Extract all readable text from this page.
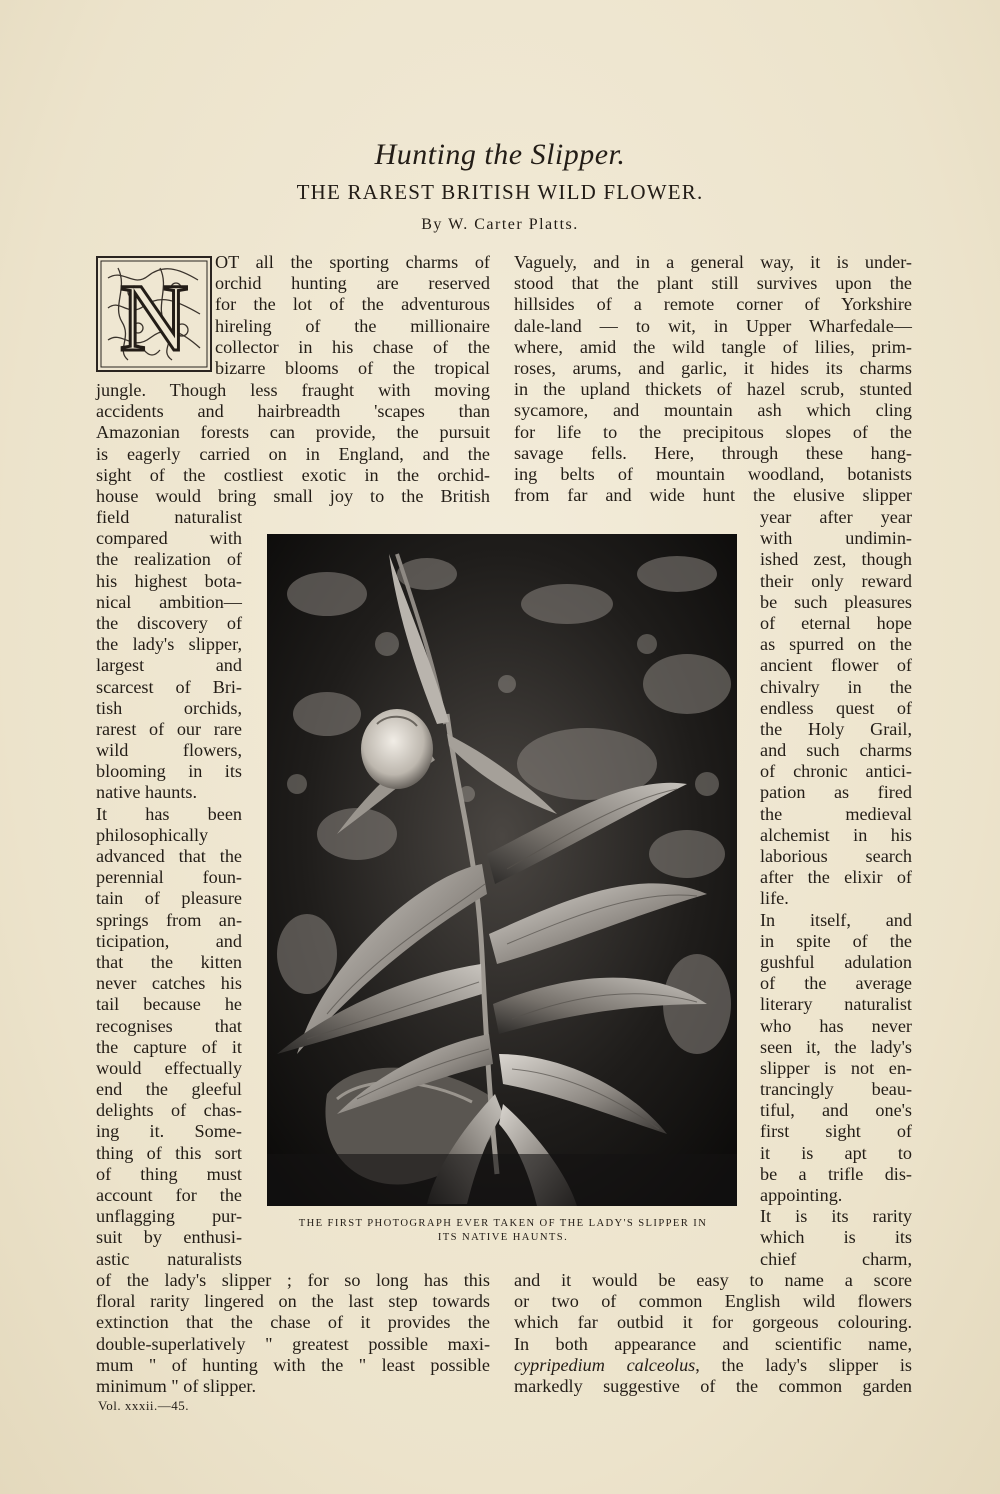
Hunting the Slipper.
THE RAREST BRITISH WILD FLOWER.
By W. Carter Platts.
N
OT all the sporting charms of
orchid hunting are reserved
for the lot of the adventurous
hireling of the millionaire
collector in his chase of the
bizarre blooms of the tropical
jungle. Though less fraught with moving
accidents and hairbreadth 'scapes than
Amazonian forests can provide, the pursuit
is eagerly carried on in England, and the
sight of the costliest exotic in the orchid-
house would bring small joy to the British
field naturalist
compared with
the realization of
his highest bota-
nical ambition—
the discovery of
the lady's slipper,
largest and
scarcest of Bri-
tish orchids,
rarest of our rare
wild flowers,
blooming in its
native haunts.
It has been
philosophically
advanced that the
perennial foun-
tain of pleasure
springs from an-
ticipation, and
that the kitten
never catches his
tail because he
recognises that
the capture of it
would effectually
end the gleeful
delights of chas-
ing it. Some-
thing of this sort
of thing must
account for the
unflagging pur-
suit by enthusi-
astic naturalists
of the lady's slipper ; for so long has this
floral rarity lingered on the last step towards
extinction that the chase of it provides the
double-superlatively " greatest possible maxi-
mum " of hunting with the " least possible
minimum " of slipper.
Vaguely, and in a general way, it is under-
stood that the plant still survives upon the
hillsides of a remote corner of Yorkshire
dale-land — to wit, in Upper Wharfedale—
where, amid the wild tangle of lilies, prim-
roses, arums, and garlic, it hides its charms
in the upland thickets of hazel scrub, stunted
sycamore, and mountain ash which cling
for life to the precipitous slopes of the
savage fells. Here, through these hang-
ing belts of mountain woodland, botanists
from far and wide hunt the elusive slipper
year after year
with undimin-
ished zest, though
their only reward
be such pleasures
of eternal hope
as spurred on the
ancient flower of
chivalry in the
endless quest of
the Holy Grail,
and such charms
of chronic antici-
pation as fired
the medieval
alchemist in his
laborious search
after the elixir of
life.
In itself, and
in spite of the
gushful adulation
of the average
literary naturalist
who has never
seen it, the lady's
slipper is not en-
trancingly beau-
tiful, and one's
first sight of
it is apt to
be a trifle dis-
appointing.
It is its rarity
which is its
chief charm,
and it would be easy to name a score
or two of common English wild flowers
which far outbid it for gorgeous colouring.
In both appearance and scientific name,
cypripedium calceolus, the lady's slipper is
markedly suggestive of the common garden
THE FIRST PHOTOGRAPH EVER TAKEN OF THE LADY'S SLIPPER IN
ITS NATIVE HAUNTS.
Vol. xxxii.—45.
